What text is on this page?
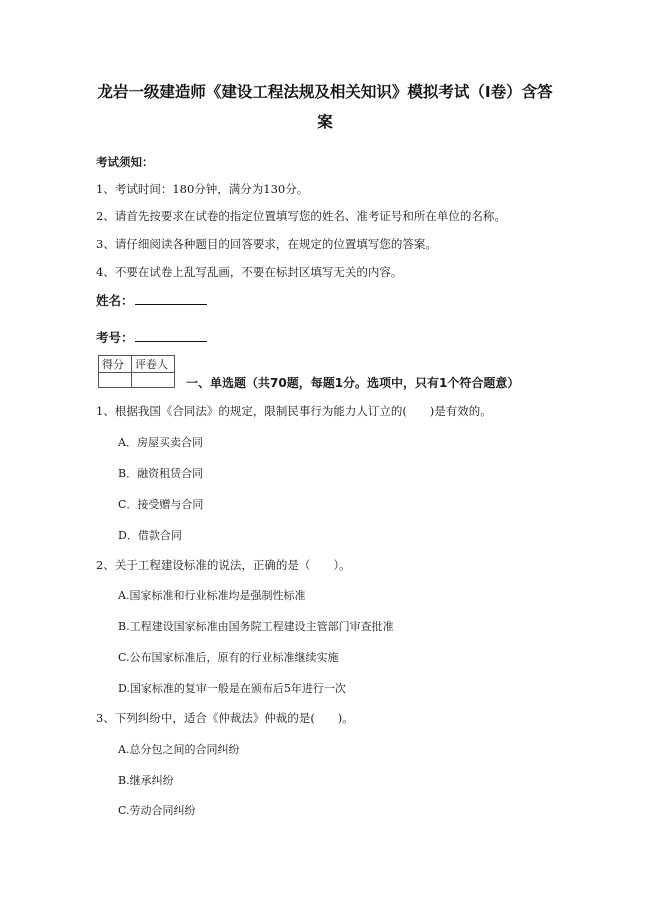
龙岩一级建造师《建设工程法规及相关知识》模拟考试（I卷）含答
案
考试须知：
1、考试时间：180分钟，满分为130分。
2、请首先按要求在试卷的指定位置填写您的姓名、准考证号和所在单位的名称。
3、请仔细阅读各种题目的回答要求，在规定的位置填写您的答案。
4、不要在试卷上乱写乱画，不要在标封区填写无关的内容。
姓名：
考号：
得分	评卷人

一、单选题（共70题，每题1分。选项中，只有1个符合题意）
1、根据我国《合同法》的规定，限制民事行为能力人订立的(　　)是有效的。
A．房屋买卖合同
B．融资租赁合同
C．接受赠与合同
D．借款合同
2、关于工程建设标准的说法，正确的是（　　）。
A.国家标准和行业标准均是强制性标准
B.工程建设国家标准由国务院工程建设主管部门审查批准
C.公布国家标准后，原有的行业标准继续实施
D.国家标准的复审一般是在颁布后5年进行一次
3、下列纠纷中，适合《仲裁法》仲裁的是(　　)。
A.总分包之间的合同纠纷
B.继承纠纷
C.劳动合同纠纷
